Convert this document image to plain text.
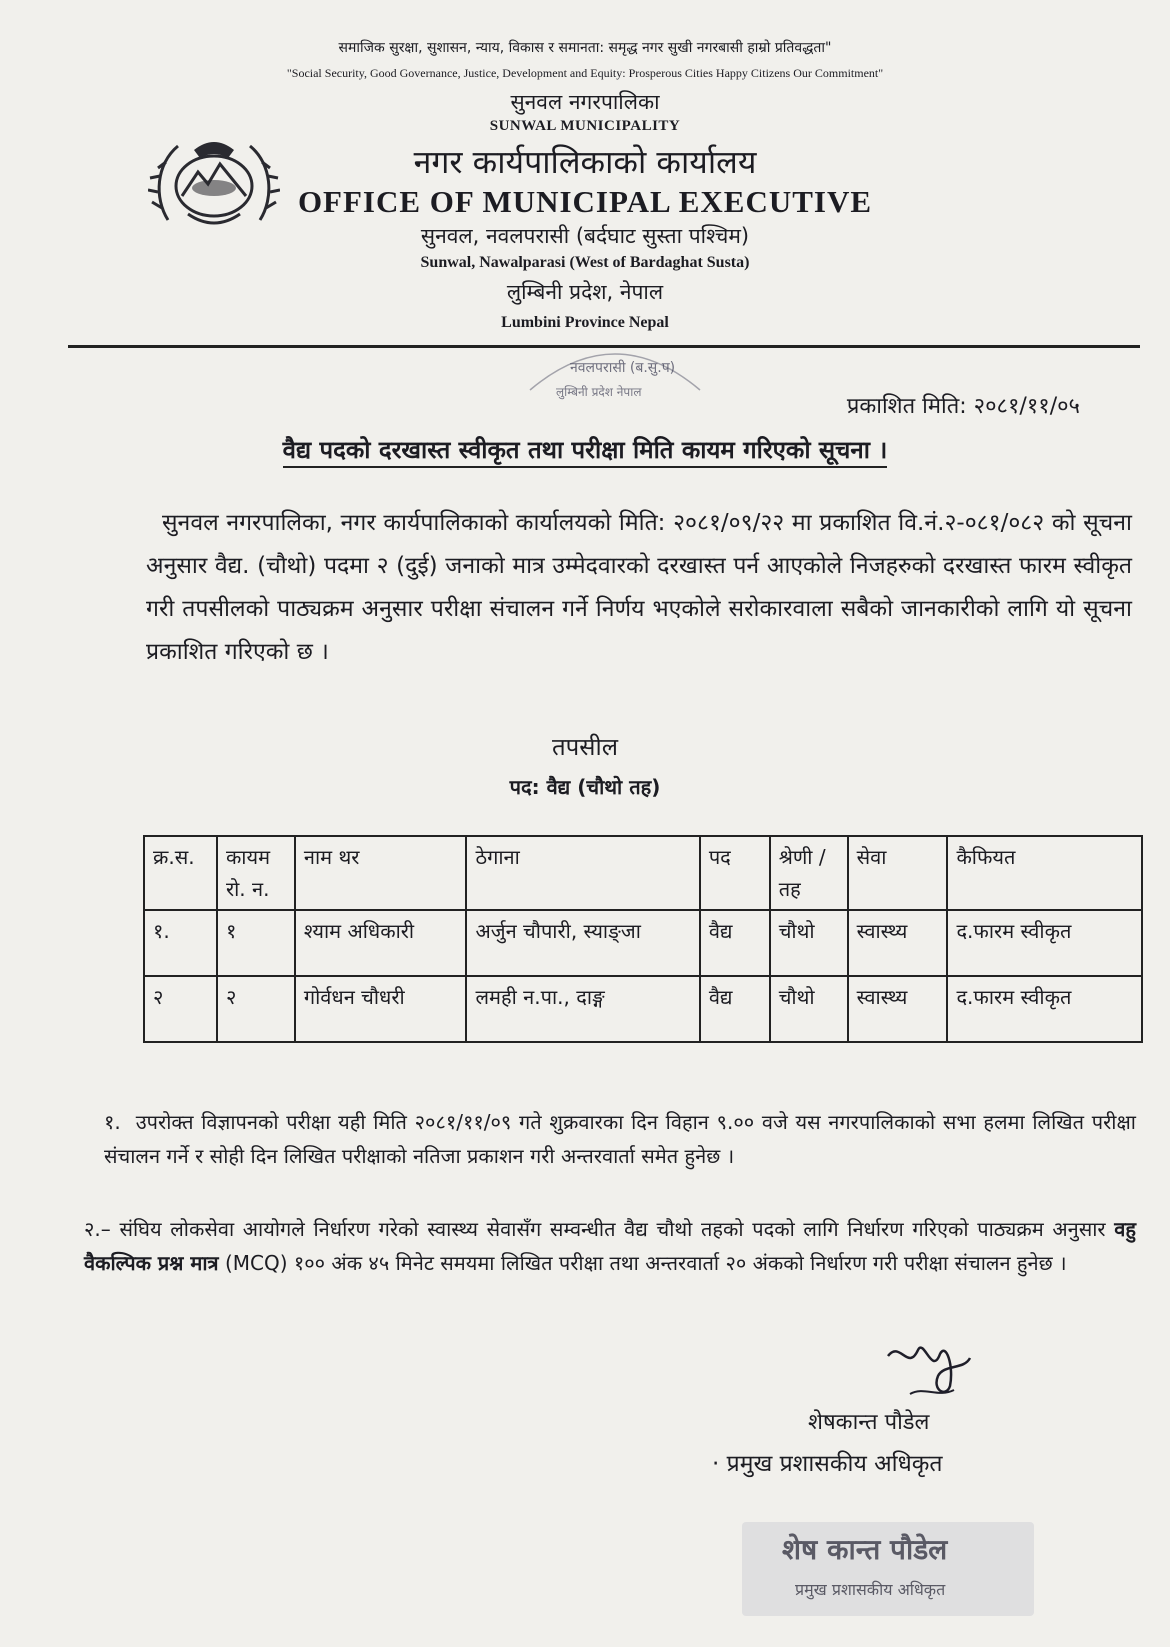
समाजिक सुरक्षा, सुशासन, न्याय, विकास र समानता: समृद्ध नगर सुखी नगरबासी हाम्रो प्रतिवद्धता"
"Social Security, Good Governance, Justice, Development and Equity: Prosperous Cities Happy Citizens Our Commitment"
सुनवल नगरपालिका
SUNWAL MUNICIPALITY
नगर कार्यपालिकाको कार्यालय
OFFICE OF MUNICIPAL EXECUTIVE
सुनवल, नवलपरासी (बर्दघाट सुस्ता पश्चिम)
Sunwal, Nawalparasi (West of Bardaghat Susta)
लुम्बिनी प्रदेश, नेपाल
Lumbini Province Nepal
नवलपरासी (ब.सु.प)
लुम्बिनी प्रदेश नेपाल
प्रकाशित मिति: २०८१/११/०५
वैद्य पदको दरखास्त स्वीकृत तथा परीक्षा मिति कायम गरिएको सूचना ।

सुनवल नगरपालिका, नगर कार्यपालिकाको कार्यालयको मिति: २०८१/०९/२२ मा प्रकाशित वि.नं.२-०८१/०८२ को सूचना अनुसार वैद्य. (चौथो) पदमा २ (दुई) जनाको मात्र उम्मेदवारको दरखास्त पर्न आएकोले निजहरुको दरखास्त फारम स्वीकृत गरी तपसीलको पाठ्यक्रम अनुसार परीक्षा संचालन गर्ने निर्णय भएकोले सरोकारवाला सबैको जानकारीको लागि यो सूचना प्रकाशित गरिएको छ ।

तपसील
पद: वैद्य (चौथो तह)
क्र.स.	कायम रो. न.	नाम थर	ठेगाना	पद	श्रेणी /तह	सेवा	कैफियत
१.	१	श्याम अधिकारी	अर्जुन चौपारी, स्याङ्जा	वैद्य	चौथो	स्वास्थ्य	द.फारम स्वीकृत
२	२	गोर्वधन चौधरी	लमही न.पा., दाङ्ग	वैद्य	चौथो	स्वास्थ्य	द.फारम स्वीकृत

१. उपरोक्त विज्ञापनको परीक्षा यही मिति २०८१/११/०९ गते शुक्रवारका दिन विहान ९.०० वजे यस नगरपालिकाको सभा हलमा लिखित परीक्षा संचालन गर्ने र सोही दिन लिखित परीक्षाको नतिजा प्रकाशन गरी अन्तरवार्ता समेत हुनेछ ।

२.– संघिय लोकसेवा आयोगले निर्धारण गरेको स्वास्थ्य सेवासँग सम्वन्धीत वैद्य चौथो तहको पदको लागि निर्धारण गरिएको पाठ्यक्रम अनुसार वहु वैकल्पिक प्रश्न मात्र (MCQ) १०० अंक ४५ मिनेट समयमा लिखित परीक्षा तथा अन्तरवार्ता २० अंकको निर्धारण गरी परीक्षा संचालन हुनेछ ।

शेषकान्त पौडेल
· प्रमुख प्रशासकीय अधिकृत
शेष कान्त पौडेल
प्रमुख प्रशासकीय अधिकृत
